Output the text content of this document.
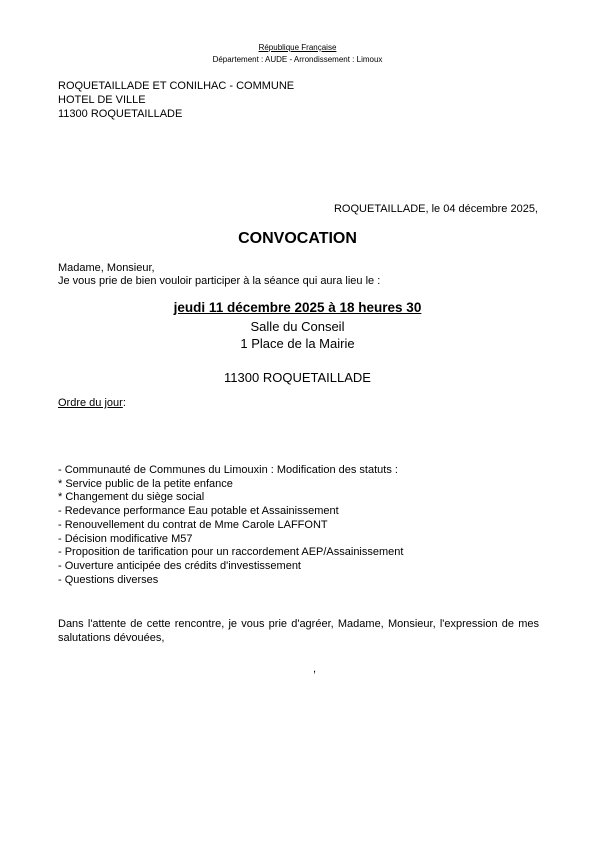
République Française
Département : AUDE - Arrondissement : Limoux
ROQUETAILLADE ET CONILHAC - COMMUNE
HOTEL DE VILLE
11300 ROQUETAILLADE
ROQUETAILLADE, le 04 décembre 2025,
CONVOCATION
Madame, Monsieur,
Je vous prie de bien vouloir participer à la séance qui aura lieu le :
jeudi 11 décembre 2025 à 18 heures 30
Salle du Conseil
1 Place de la Mairie
11300 ROQUETAILLADE
Ordre du jour:
- Communauté de Communes du Limouxin : Modification des statuts :
* Service public de la petite enfance
* Changement du siège social
- Redevance performance Eau potable et Assainissement
- Renouvellement du contrat de Mme Carole LAFFONT
- Décision modificative M57
- Proposition de tarification pour un raccordement AEP/Assainissement
- Ouverture anticipée des crédits d'investissement
- Questions diverses
Dans l'attente de cette rencontre, je vous prie d'agréer, Madame, Monsieur, l'expression de mes salutations dévouées,
,
